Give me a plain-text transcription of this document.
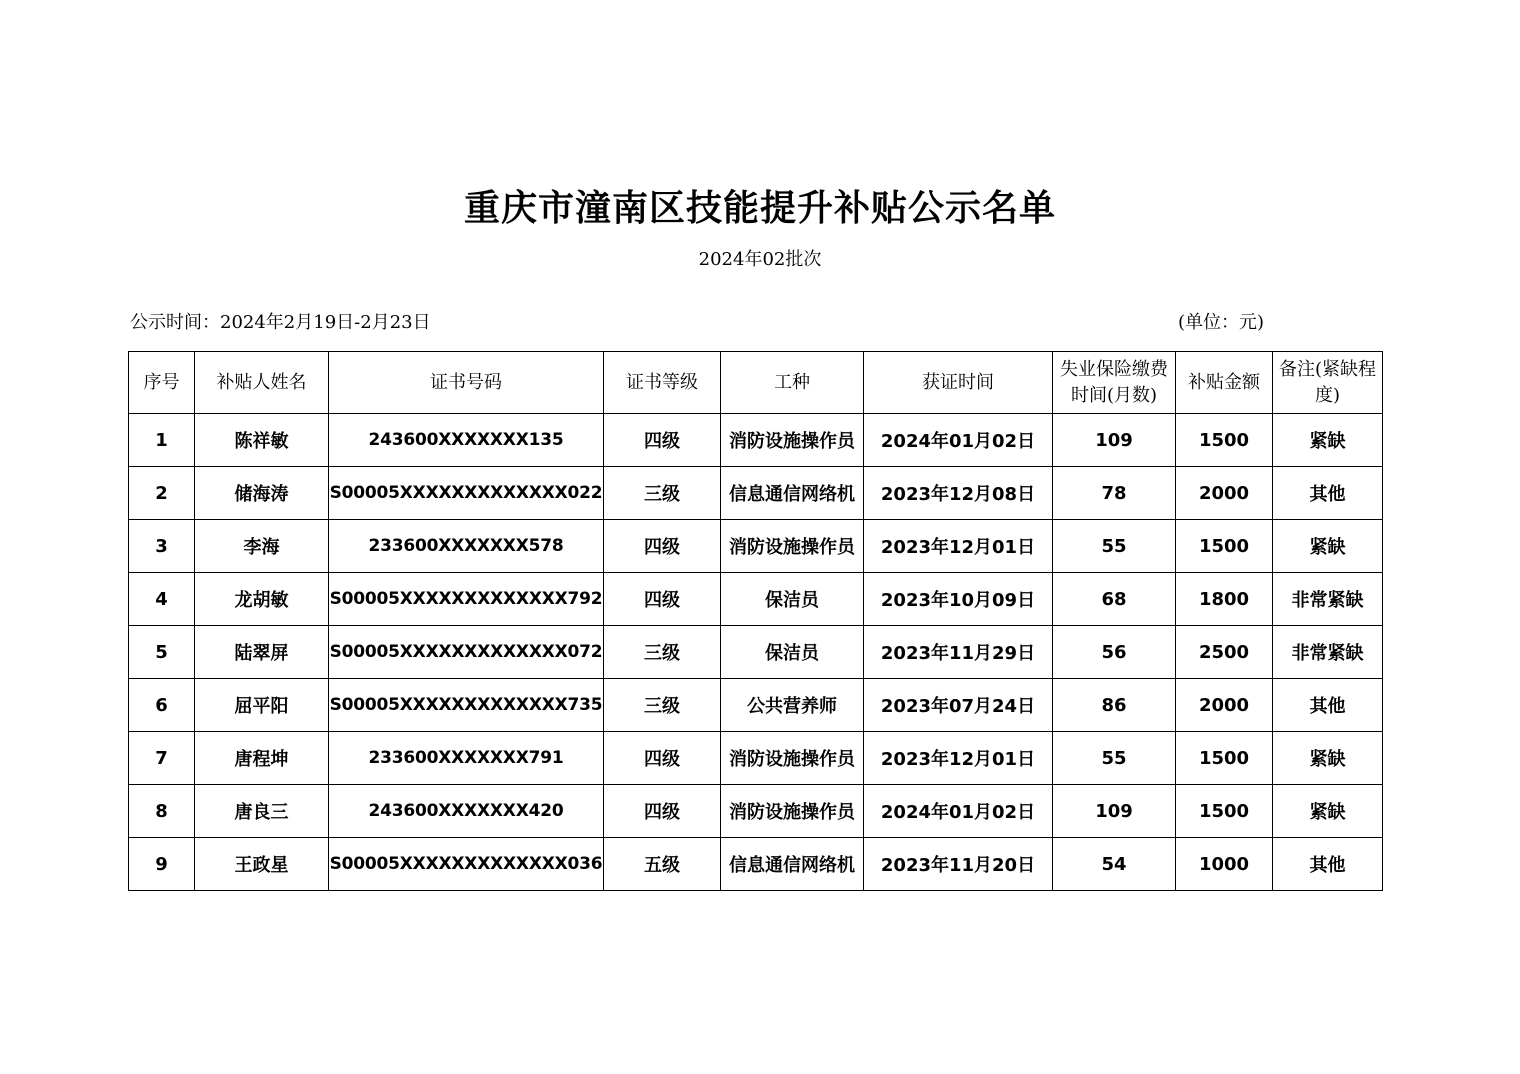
重庆市潼南区技能提升补贴公示名单
2024年02批次
公示时间：2024年2月19日-2月23日	(单位：元)
序号	补贴人姓名	证书号码	证书等级	工种	获证时间	失业保险缴费时间(月数)	补贴金额	备注(紧缺程度)
1	陈祥敏	243600XXXXXXX135	四级	消防设施操作员	2024年01月02日	109	1500	紧缺
2	储海涛	S00005XXXXXXXXXXXXX022	三级	信息通信网络机	2023年12月08日	78	2000	其他
3	李海	233600XXXXXXX578	四级	消防设施操作员	2023年12月01日	55	1500	紧缺
4	龙胡敏	S00005XXXXXXXXXXXXX792	四级	保洁员	2023年10月09日	68	1800	非常紧缺
5	陆翠屏	S00005XXXXXXXXXXXXX072	三级	保洁员	2023年11月29日	56	2500	非常紧缺
6	屈平阳	S00005XXXXXXXXXXXXX735	三级	公共营养师	2023年07月24日	86	2000	其他
7	唐程坤	233600XXXXXXX791	四级	消防设施操作员	2023年12月01日	55	1500	紧缺
8	唐良三	243600XXXXXXX420	四级	消防设施操作员	2024年01月02日	109	1500	紧缺
9	王政星	S00005XXXXXXXXXXXXX036	五级	信息通信网络机	2023年11月20日	54	1000	其他
